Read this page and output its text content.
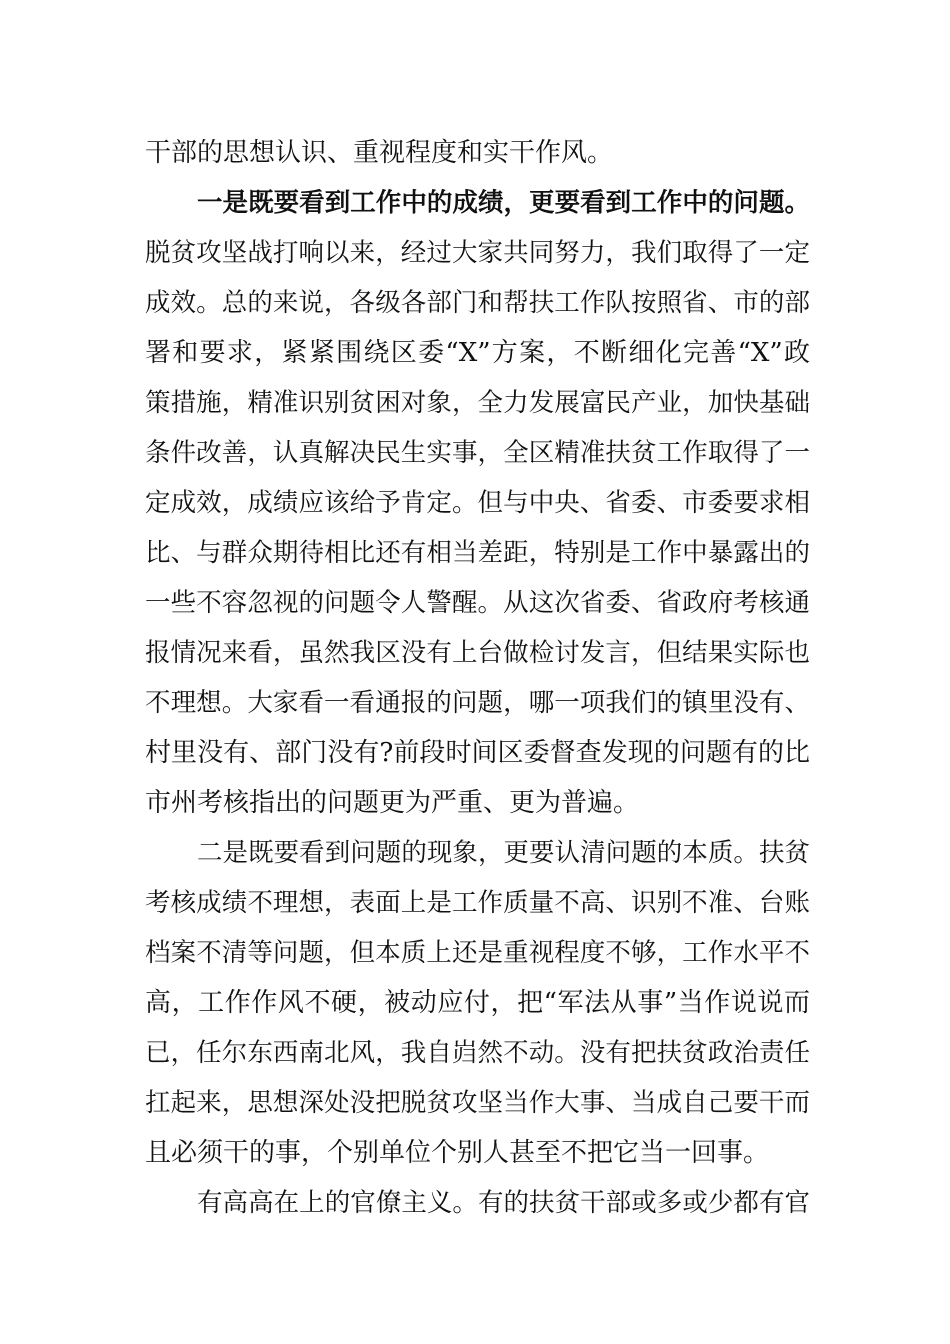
干部的思想认识、重视程度和实干作风。
一是既要看到工作中的成绩，更要看到工作中的问题。
脱贫攻坚战打响以来，经过大家共同努力，我们取得了一定
成效。总的来说，各级各部门和帮扶工作队按照省、市的部
署和要求，紧紧围绕区委“X”方案，不断细化完善“X”政
策措施，精准识别贫困对象，全力发展富民产业，加快基础
条件改善，认真解决民生实事，全区精准扶贫工作取得了一
定成效，成绩应该给予肯定。但与中央、省委、市委要求相
比、与群众期待相比还有相当差距，特别是工作中暴露出的
一些不容忽视的问题令人警醒。从这次省委、省政府考核通
报情况来看，虽然我区没有上台做检讨发言，但结果实际也
不理想。大家看一看通报的问题，哪一项我们的镇里没有、
村里没有、部门没有?前段时间区委督查发现的问题有的比
市州考核指出的问题更为严重、更为普遍。
二是既要看到问题的现象，更要认清问题的本质。扶贫
考核成绩不理想，表面上是工作质量不高、识别不准、台账
档案不清等问题，但本质上还是重视程度不够，工作水平不
高，工作作风不硬，被动应付，把“军法从事”当作说说而
已，任尔东西南北风，我自岿然不动。没有把扶贫政治责任
扛起来，思想深处没把脱贫攻坚当作大事、当成自己要干而
且必须干的事，个别单位个别人甚至不把它当一回事。
有高高在上的官僚主义。有的扶贫干部或多或少都有官
